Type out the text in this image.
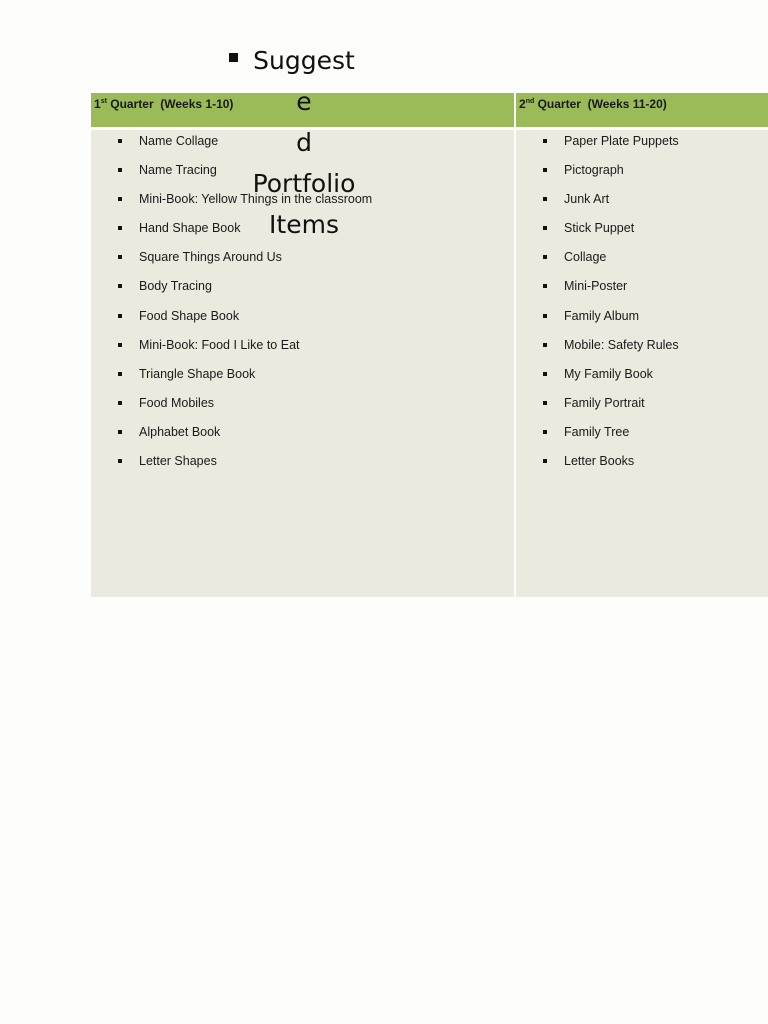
1st Quarter  (Weeks 1-10)
Name Collage
Name Tracing
Mini-Book: Yellow Things in the classroom
Hand Shape Book
Square Things Around Us
Body Tracing
Food Shape Book
Mini-Book: Food I Like to Eat
Triangle Shape Book
Food Mobiles
Alphabet Book
Letter Shapes
2nd Quarter  (Weeks 11-20)
Paper Plate Puppets
Pictograph
Junk Art
Stick Puppet
Collage
Mini-Poster
Family Album
Mobile: Safety Rules
My Family Book
Family Portrait
Family Tree
Letter Books
Suggeste
d
Portfolio
Items
